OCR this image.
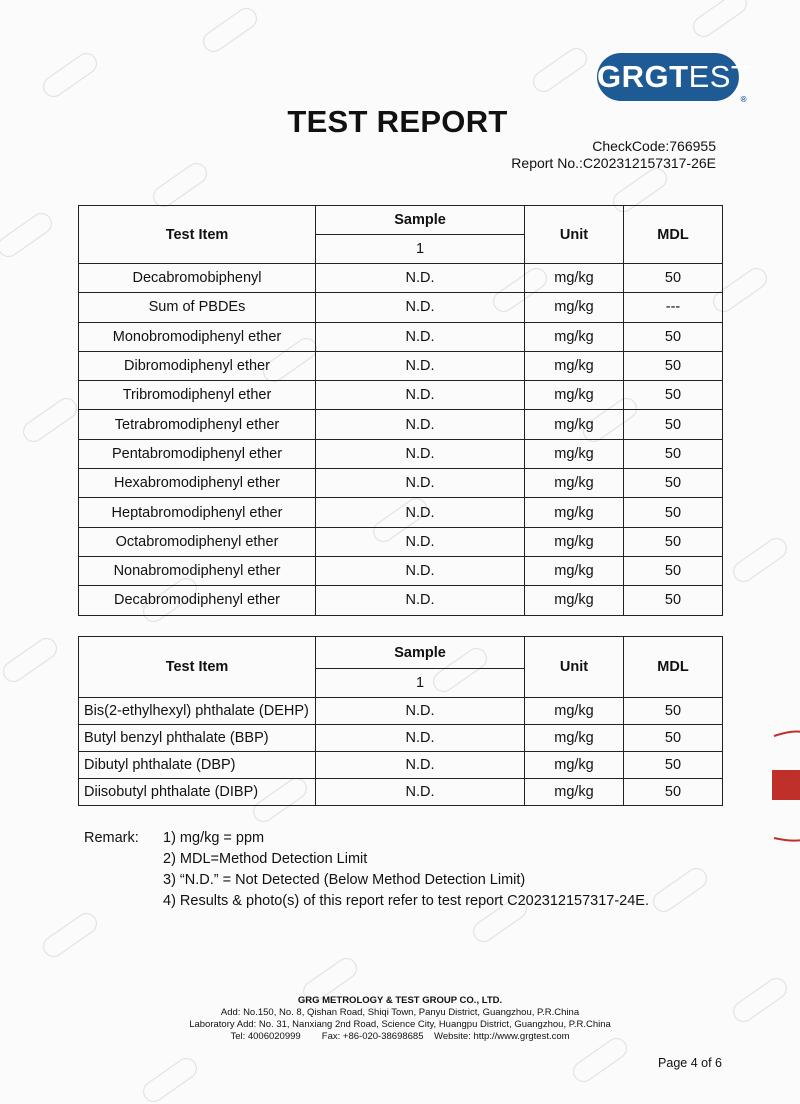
GRGTEST
®
TEST REPORT
CheckCode:766955
Report No.:C202312157317-26E
Test Item	Sample	Unit	MDL
	1		
Decabromobiphenyl	N.D.	mg/kg	50
Sum of PBDEs	N.D.	mg/kg	---
Monobromodiphenyl ether	N.D.	mg/kg	50
Dibromodiphenyl ether	N.D.	mg/kg	50
Tribromodiphenyl ether	N.D.	mg/kg	50
Tetrabromodiphenyl ether	N.D.	mg/kg	50
Pentabromodiphenyl ether	N.D.	mg/kg	50
Hexabromodiphenyl ether	N.D.	mg/kg	50
Heptabromodiphenyl ether	N.D.	mg/kg	50
Octabromodiphenyl ether	N.D.	mg/kg	50
Nonabromodiphenyl ether	N.D.	mg/kg	50
Decabromodiphenyl ether	N.D.	mg/kg	50
Test Item	Sample	Unit	MDL
	1		
Bis(2-ethylhexyl) phthalate (DEHP)	N.D.	mg/kg	50
Butyl benzyl phthalate (BBP)	N.D.	mg/kg	50
Dibutyl phthalate (DBP)	N.D.	mg/kg	50
Diisobutyl phthalate (DIBP)	N.D.	mg/kg	50
Remark:	1) mg/kg = ppm
2) MDL=Method Detection Limit
3) “N.D.” = Not Detected (Below Method Detection Limit)
4) Results & photo(s) of this report refer to test report C202312157317-24E.
GRG METROLOGY & TEST GROUP CO., LTD.
Add: No.150, No. 8, Qishan Road, Shiqi Town, Panyu District, Guangzhou, P.R.China
Laboratory Add: No. 31, Nanxiang 2nd Road, Science City, Huangpu District, Guangzhou, P.R.China
Tel: 4006020999        Fax: +86-020-38698685    Website: http://www.grgtest.com
Page 4 of 6
